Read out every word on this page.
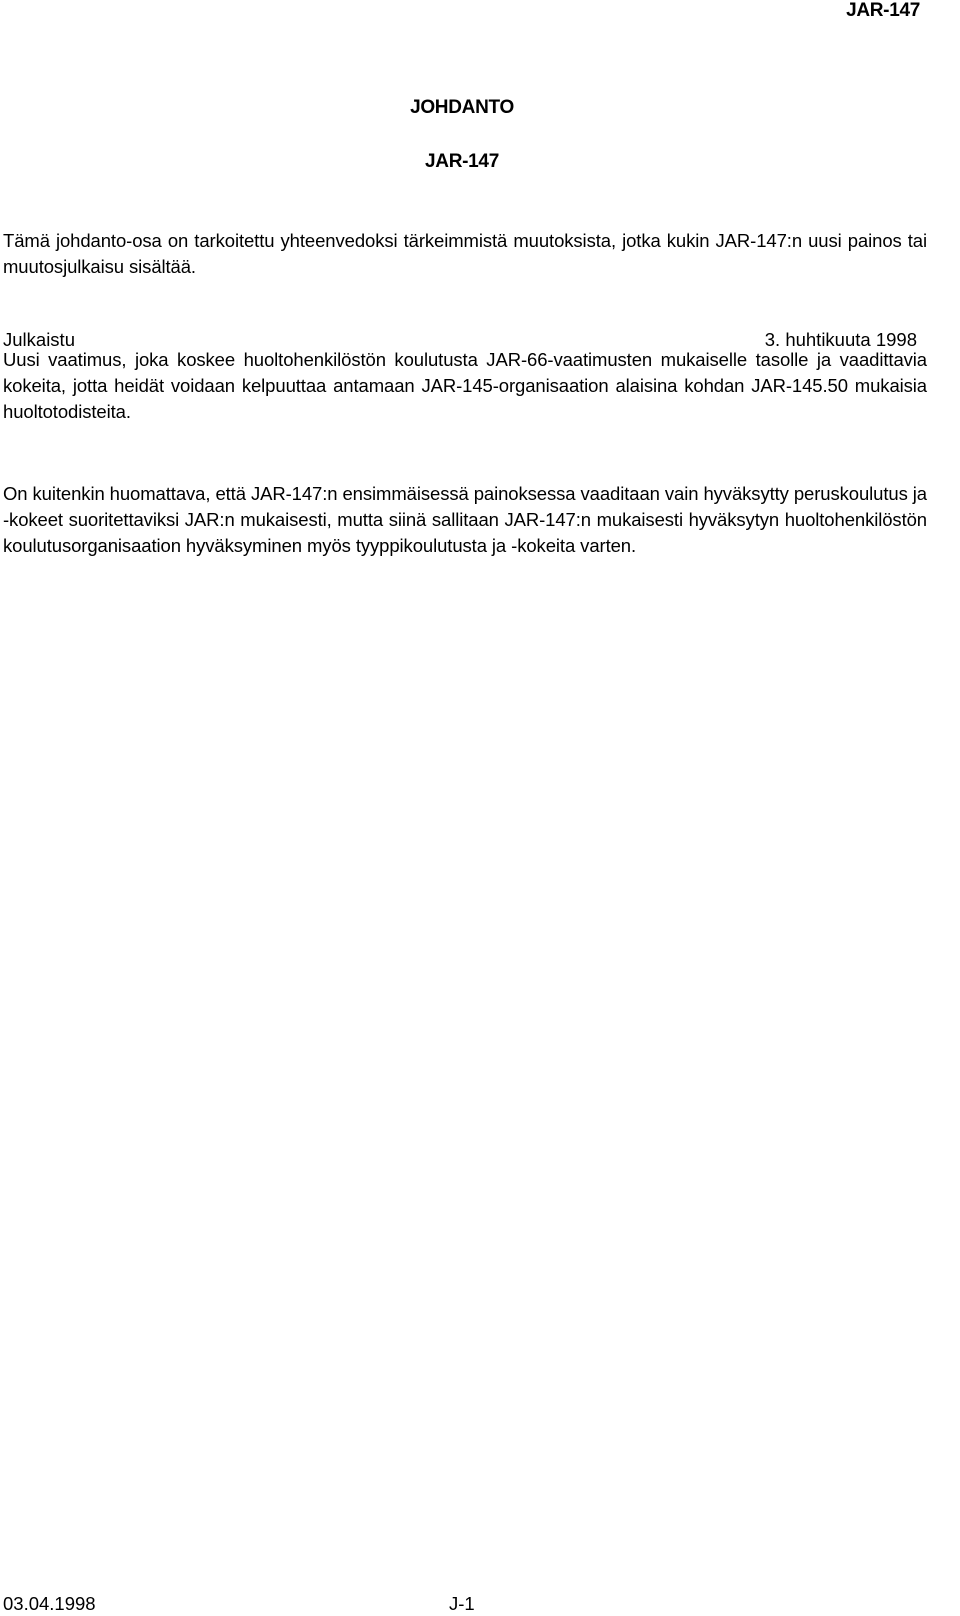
JAR-147
JOHDANTO
JAR-147

Tämä johdanto-osa on tarkoitettu yhteenvedoksi tärkeimmistä muutoksista, jotka kukin JAR-147:n uusi painos tai muutosjulkaisu sisältää.

Julkaistu	3. huhtikuuta 1998

Uusi vaatimus, joka koskee huoltohenkilöstön koulutusta JAR-66-vaatimusten mukaiselle tasolle ja vaadittavia kokeita, jotta heidät voidaan kelpuuttaa antamaan JAR-145-organisaation alaisina kohdan JAR-145.50 mukaisia huoltotodisteita.

On kuitenkin huomattava, että JAR-147:n ensimmäisessä painoksessa vaaditaan vain hyväksytty peruskoulutus ja -kokeet suoritettaviksi JAR:n mukaisesti, mutta siinä sallitaan JAR-147:n mukaisesti hyväksytyn huoltohenkilöstön koulutusorganisaation hyväksyminen myös tyyppikoulutusta ja -kokeita varten.

03.04.1998	J-1
